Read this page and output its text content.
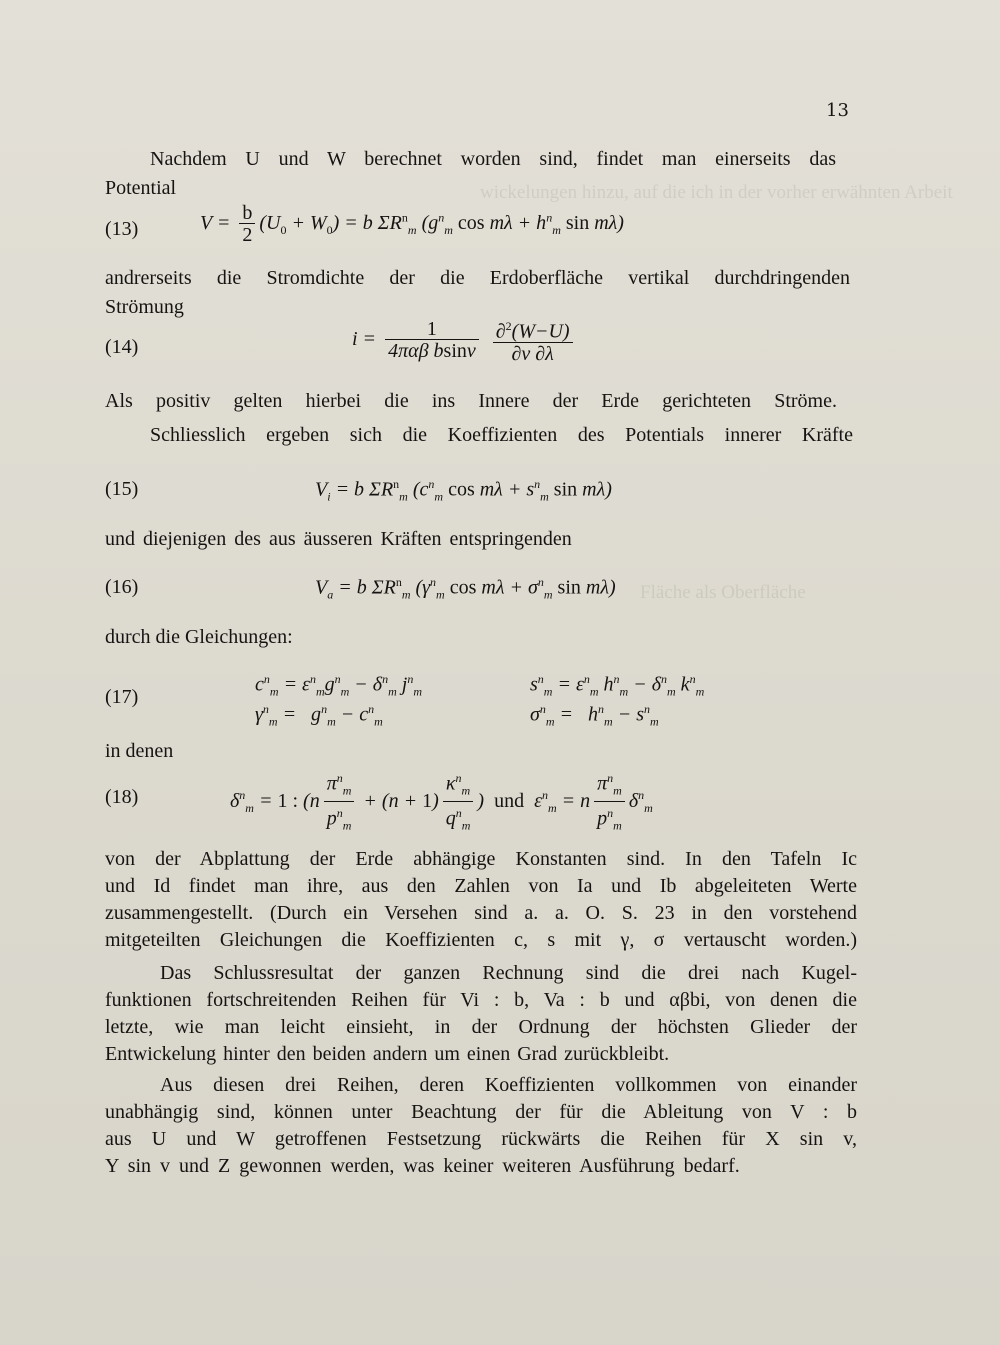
wickelungen hinzu, auf die ich in der vorher erwähnten Arbeit
Fläche als Oberfläche
13
Nachdem U und W berechnet worden sind, findet man einerseits das
Potential
(13)	$V = \frac{b}{2} (U_0 + W_0) = b$ $\Sigma R^n_m$ ($g^n_m$ $\cos m\lambda + h^n_m$ sin mλ)
andrerseits die Stromdichte der die Erdoberfläche vertikal durchdringenden
Strömung
(14)	$i = \frac{1}{\text{4παβ bsinv}} \frac{\partial^2(W-U)}{\partial v \partial\lambda}$
Als positiv gelten hierbei die ins Innere der Erde gerichteten Ströme.
Schliesslich ergeben sich die Koeffizienten des Potentials innerer Kräfte
(15)	$V_i = b$ $\Sigma R^n_m$ ($c^n_m$ $\cos m\lambda + s^n_m$ sin mλ)
und diejenigen des aus äusseren Kräften entspringenden
(16)	$V_a = b$ $\Sigma R^n_m$ ($\gamma^n_m$ $\cos m\lambda + \sigma^n_m$ sin mλ)
durch die Gleichungen:
(17)
$c^n_m = \varepsilon^n_mg^n_m - \delta^n_m$ $j^n_m$	$s^n_m = \varepsilon^n_m$ $h^n_m - \delta^n_m$ $k^n_m$
$\gamma^n_m = g^n_m - c^n_m$	$\sigma^n_m = h^n_m - s^n_m$
in denen
(18)	$\delta^n_m = 1$ : ($n \frac{\pi^n_m}{p^n_m} + (n + 1) \frac{\kappa^n_m}{q^n_m}$ )  und  $\varepsilon^n_m = n \frac{\pi^n_m}{p^n_m} \delta^n_m$
von der Abplattung der Erde abhängige Konstanten sind. In den Tafeln Ic
und Id findet man ihre, aus den Zahlen von Ia und Ib abgeleiteten Werte
zusammengestellt. (Durch ein Versehen sind a. a. O. S. 23 in den vorstehend
mitgeteilten Gleichungen die Koeffizienten c, s mit γ, σ vertauscht worden.)
Das Schlussresultat der ganzen Rechnung sind die drei nach Kugel-
funktionen fortschreitenden Reihen für Vi : b, Va : b und αβbi, von denen die
letzte, wie man leicht einsieht, in der Ordnung der höchsten Glieder der
Entwickelung hinter den beiden andern um einen Grad zurückbleibt.
Aus diesen drei Reihen, deren Koeffizienten vollkommen von einander
unabhängig sind, können unter Beachtung der für die Ableitung von V : b
aus U und W getroffenen Festsetzung rückwärts die Reihen für X sin v,
Y sin v und Z gewonnen werden, was keiner weiteren Ausführung bedarf.
